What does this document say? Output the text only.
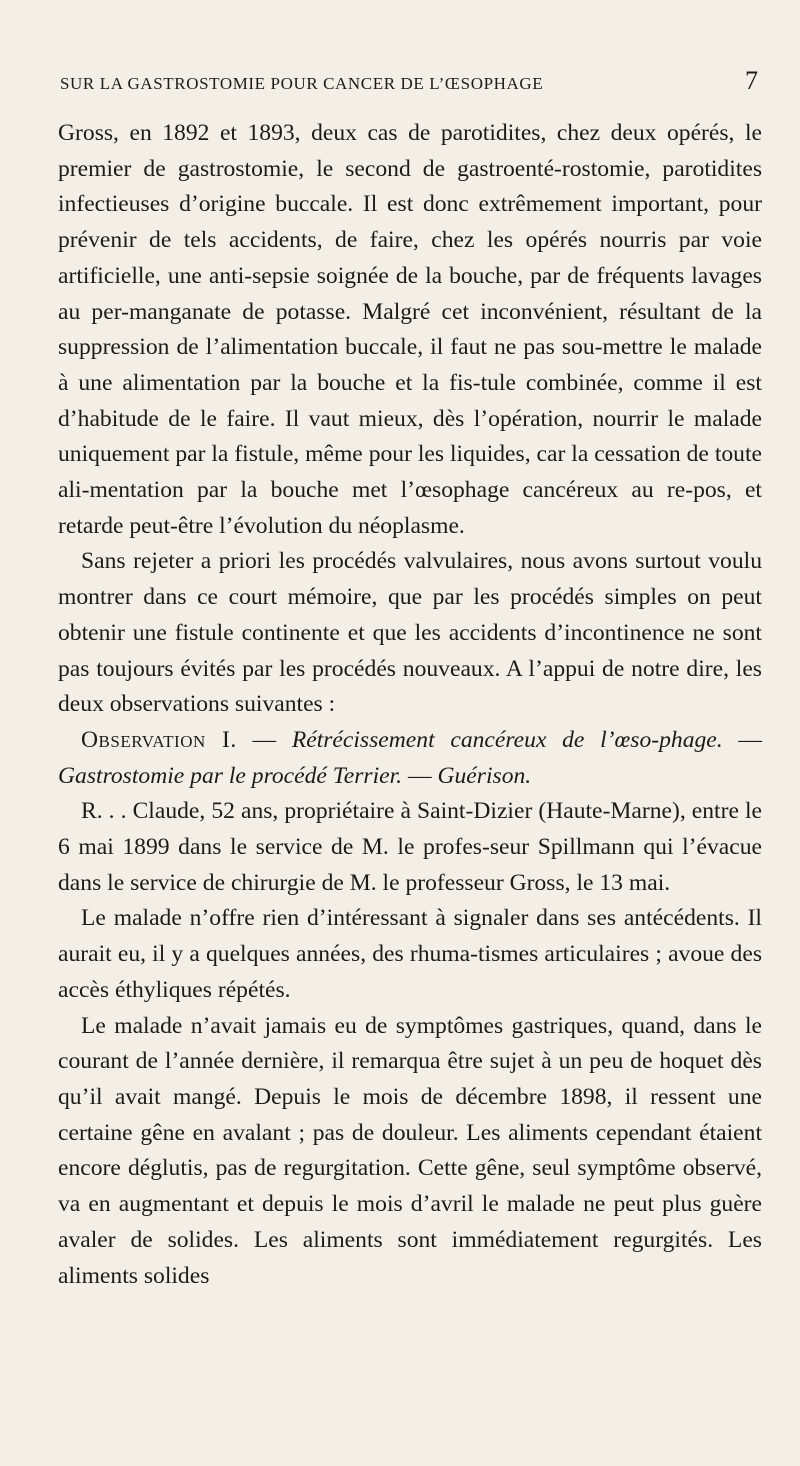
SUR LA GASTROSTOMIE POUR CANCER DE L’ŒSOPHAGE	7

Gross, en 1892 et 1893, deux cas de parotidites, chez deux opérés, le premier de gastrostomie, le second de gastroenté-rostomie, parotidites infectieuses d’origine buccale. Il est donc extrêmement important, pour prévenir de tels accidents, de faire, chez les opérés nourris par voie artificielle, une anti-sepsie soignée de la bouche, par de fréquents lavages au per-manganate de potasse. Malgré cet inconvénient, résultant de la suppression de l’alimentation buccale, il faut ne pas sou-mettre le malade à une alimentation par la bouche et la fis-tule combinée, comme il est d’habitude de le faire. Il vaut mieux, dès l’opération, nourrir le malade uniquement par la fistule, même pour les liquides, car la cessation de toute ali-mentation par la bouche met l’œsophage cancéreux au re-pos, et retarde peut-être l’évolution du néoplasme.

Sans rejeter a priori les procédés valvulaires, nous avons surtout voulu montrer dans ce court mémoire, que par les procédés simples on peut obtenir une fistule continente et que les accidents d’incontinence ne sont pas toujours évités par les procédés nouveaux. A l’appui de notre dire, les deux observations suivantes :

Observation I. — Rétrécissement cancéreux de l’œso-phage. — Gastrostomie par le procédé Terrier. — Guérison.

R. . . Claude, 52 ans, propriétaire à Saint-Dizier (Haute-Marne), entre le 6 mai 1899 dans le service de M. le profes-seur Spillmann qui l’évacue dans le service de chirurgie de M. le professeur Gross, le 13 mai.

Le malade n’offre rien d’intéressant à signaler dans ses antécédents. Il aurait eu, il y a quelques années, des rhuma-tismes articulaires ; avoue des accès éthyliques répétés.

Le malade n’avait jamais eu de symptômes gastriques, quand, dans le courant de l’année dernière, il remarqua être sujet à un peu de hoquet dès qu’il avait mangé. Depuis le mois de décembre 1898, il ressent une certaine gêne en avalant ; pas de douleur. Les aliments cependant étaient encore déglutis, pas de regurgitation. Cette gêne, seul symptôme observé, va en augmentant et depuis le mois d’avril le malade ne peut plus guère avaler de solides. Les aliments sont immédiatement regurgités. Les aliments solides
